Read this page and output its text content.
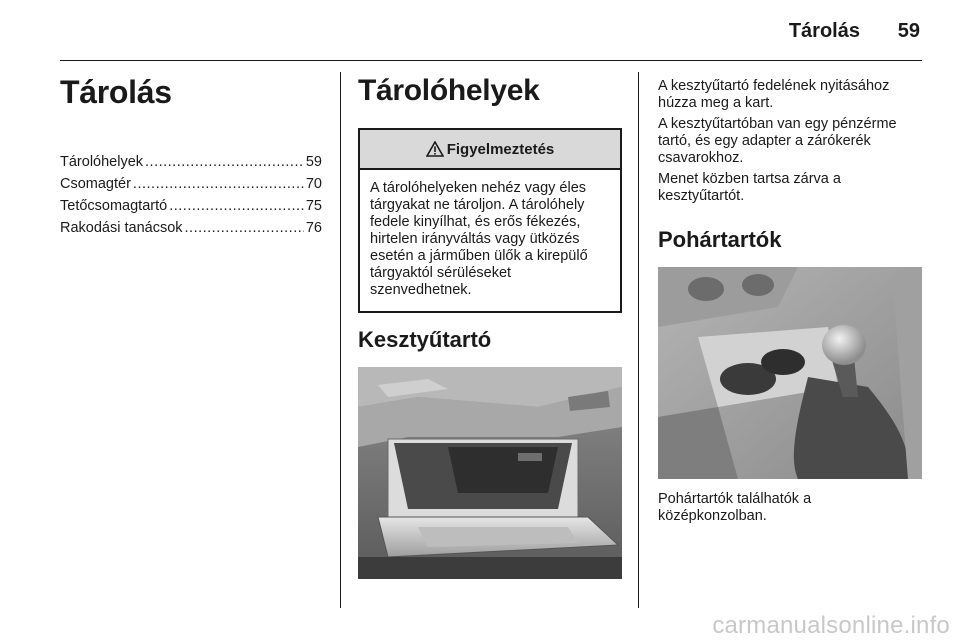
Tárolás	59
Tárolás
Tárolóhelyek .....	59
Csomagtér .....	70
Tetőcsomagtartó .....	75
Rakodási tanácsok .....	76
Tárolóhelyek
Figyelmeztetés
A tárolóhelyeken nehéz vagy éles tárgyakat ne tároljon. A tárolóhely fedele kinyílhat, és erős fékezés, hirtelen irányváltás vagy ütközés esetén a járműben ülők a kirepülő tárgyaktól sérüléseket szenvedhetnek.
Kesztyűtartó

A kesztyűtartó fedelének nyitásához húzza meg a kart.

A kesztyűtartóban van egy pénzérme tartó, és egy adapter a zárókerék csavarokhoz.

Menet közben tartsa zárva a kesztyűtartót.

Pohártartók

Pohártartók találhatók a középkonzolban.

carmanualsonline.info
